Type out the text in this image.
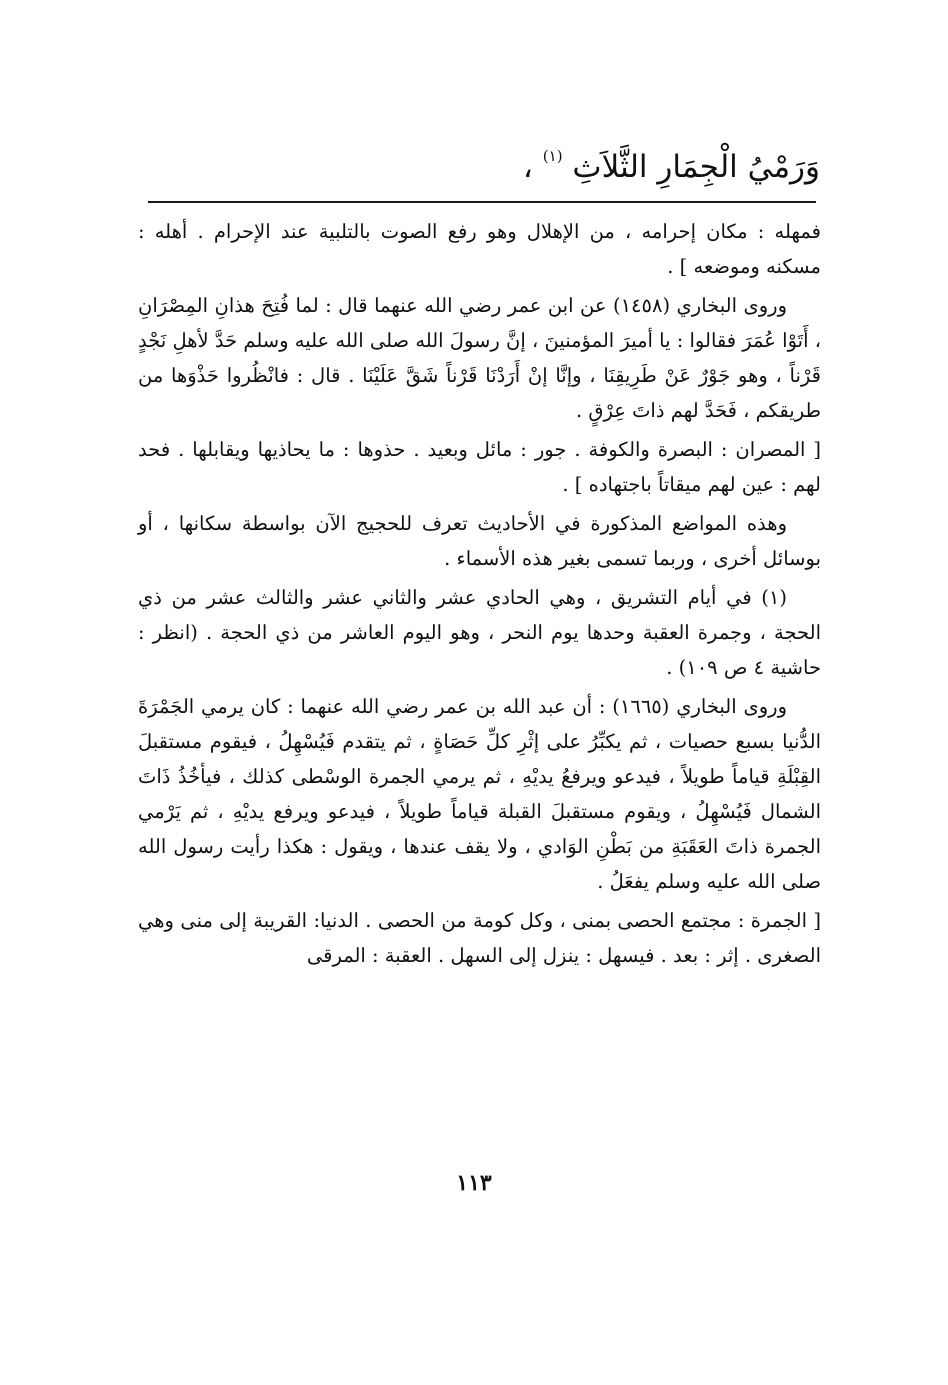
وَرَمْيُ الْجِمَارِ الثَّلاَثِ $^{(١)}$ ،

فمهله : مكان إحرامه ، من الإهلال وهو رفع الصوت بالتلبية عند الإحرام . أهله : مسكنه وموضعه ] .

وروى البخاري (١٤٥٨) عن ابن عمر رضي الله عنهما قال : لما فُتِحَ هذانِ المِصْرَانِ ، أَتَوْا عُمَرَ فقالوا : يا أميرَ المؤمنينَ ، إنَّ رسولَ الله صلى الله عليه وسلم حَدَّ لأهلِ نَجْدٍ قَرْناً ، وهو جَوْرٌ عَنْ طَرِيقِنَا ، وإنَّا إنْ أَرَدْنَا قَرْناً شَقَّ عَلَيْنَا . قال : فانْظُروا حَذْوَها من طريقكم ، فَحَدَّ لهم ذاتَ عِرْقٍ .

[ المصران : البصرة والكوفة . جور : مائل وبعيد . حذوها : ما يحاذيها ويقابلها . فحد لهم : عين لهم ميقاتاً باجتهاده ] .

وهذه المواضع المذكورة في الأحاديث تعرف للحجيج الآن بواسطة سكانها ، أو بوسائل أخرى ، وربما تسمى بغير هذه الأسماء .

(١) في أيام التشريق ، وهي الحادي عشر والثاني عشر والثالث عشر من ذي الحجة ، وجمرة العقبة وحدها يوم النحر ، وهو اليوم العاشر من ذي الحجة . (انظر : حاشية ٤ ص ١٠٩) .

وروى البخاري (١٦٦٥) : أن عبد الله بن عمر رضي الله عنهما : كان يرمي الجَمْرَةَ الدُّنيا بسبع حصيات ، ثم يكبِّرُ على إثْرِ كلِّ حَصَاةٍ ، ثم يتقدم فَيُسْهِلُ ، فيقوم مستقبلَ القِبْلَةِ قياماً طويلاً ، فيدعو ويرفعُ يديْهِ ، ثم يرمي الجمرة الوسْطى كذلك ، فيأخُذُ ذَاتَ الشمال فَيُسْهِلُ ، ويقوم مستقبلَ القبلة قياماً طويلاً ، فيدعو ويرفع يديْهِ ، ثم يَرْمي الجمرة ذاتَ العَقَبَةِ من بَطْنِ الوَادي ، ولا يقف عندها ، ويقول : هكذا رأيت رسول الله صلى الله عليه وسلم يفعَلُ .

[ الجمرة : مجتمع الحصى بمنى ، وكل كومة من الحصى . الدنيا: القريبة إلى منى وهي الصغرى . إثر : بعد . فيسهل : ينزل إلى السهل . العقبة : المرقى

١١٣
